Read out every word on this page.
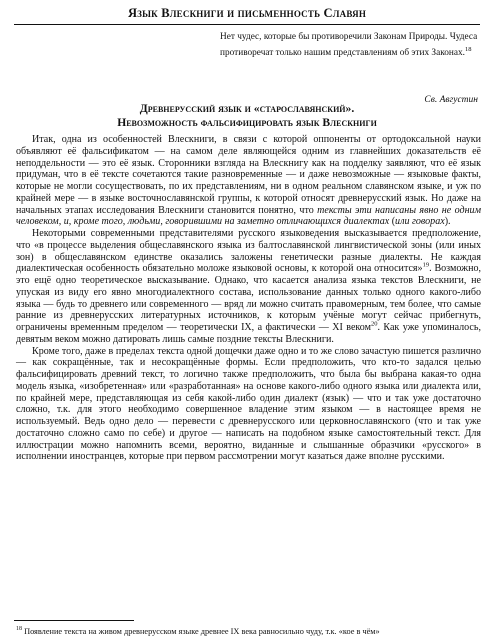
Язык Влескниги и письменность Славян
Нет чудес, которые бы противоречили Законам Природы. Чудеса противоречат только нашим представлениям об этих Законах.$^{18}$
Св. Августин
Древнерусский язык и «старославянский».
Невозможность фальсифицировать язык Влескниги

Итак, одна из особенностей Влескниги, в связи с которой оппоненты от ортодоксальной науки объявляют её фальсификатом — на самом деле являющейся одним из главнейших доказательств её неподдельности — это её язык. Сторонники взгляда на Влескнигу как на подделку заявляют, что её язык придуман, что в её тексте сочетаются такие разновременные — и даже невозможные — языковые факты, которые не могли сосуществовать, по их представлениям, ни в одном реальном славянском языке, и уж по крайней мере — в языке восточнославянской группы, к которой относят древнерусский язык. Но даже на начальных этапах исследования Влескниги становится понятно, что тексты эти написаны явно не одним человеком, и, кроме того, людьми, говорившими на заметно отличающихся диалектах (или говорах).

Некоторыми современными представителями русского языковедения высказывается предположение, что «в процессе выделения общеславянского языка из балтославянской лингвистической зоны (или иных зон) в общеславянском единстве оказались заложены генетически разные диалекты. Не каждая диалектическая особенность обязательно моложе языковой основы, к которой она относится»$^{19}$. Возможно, это ещё одно теоретическое высказывание. Однако, что касается анализа языка текстов Влескниги, не упуская из виду его явно многодиалектного состава, использование данных только одного какого-либо языка — будь то древнего или современного — вряд ли можно считать правомерным, тем более, что самые ранние из древнерусских литературных источников, к которым учёные могут сейчас прибегнуть, ограничены временным пределом — теоретически IX, а фактически — XI веком$^{20}$. Как уже упоминалось, девятым веком можно датировать лишь самые поздние тексты Влескниги.

Кроме того, даже в пределах текста одной дощечки даже одно и то же слово зачастую пишется различно — как сокращённые, так и несокращённые формы. Если предположить, что кто-то задался целью фальсифицировать древний текст, то логично также предположить, что была бы выбрана какая-то одна модель языка, «изобретенная» или «разработанная» на основе какого-либо одного языка или диалекта или, по крайней мере, представляющая из себя какой-либо один диалект (язык) — что и так уже достаточно сложно, т.к. для этого необходимо совершенное владение этим языком — в настоящее время не используемый. Ведь одно дело — перевести с древнерусского или церковнославянского (что и так уже достаточно сложно само по себе) и другое — написать на подобном языке самостоятельный текст. Для иллюстрации можно напомнить всеми, вероятно, виданные и слышанные образчики «русского» в исполнении иностранцев, которые при первом рассмотрении могут казаться даже вполне русскими.

$^{18}$ Появление текста на живом древнерусском языке древнее IX века равносильно чуду, т.к. «кое в чём»
